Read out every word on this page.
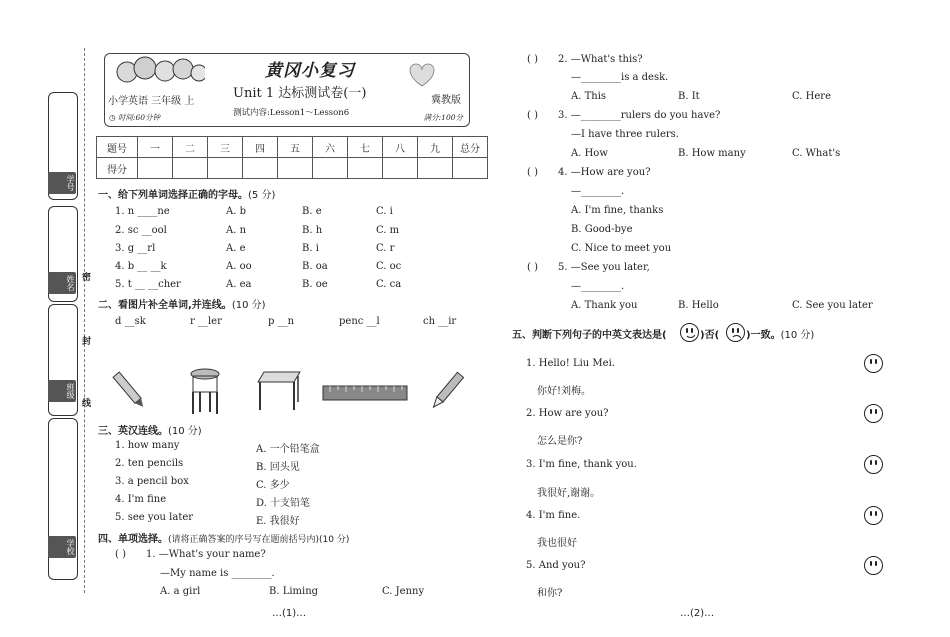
学号
姓名
班级
学校
密
封
线
黄冈小复习
Unit 1 达标测试卷(一)
小学英语 三年级 上	冀教版
测试内容:Lesson1～Lesson6
◷ 时间:60分钟	满分:100分
题号	一	二	三	四	五	六	七	八	九	总分
得分										
一、给下列单词选择正确的字母。(5 分)
1. n ____ne	A. b	B. e	C. i
2. sc __ool	A. n	B. h	C. m
3. g __rl	A. e	B. i	C. r
4. b __ __k	A. oo	B. oa	C. oc
5. t __ __cher	A. ea	B. oe	C. ca
二、看图片补全单词,并连线。(10 分)
d __sk	r __ler	p __n	penc __l	ch __ir
三、英汉连线。(10 分)
1. how many
2. ten pencils
3. a pencil box
4. I'm fine
5. see you later
A. 一个铅笔盒
B. 回头见
C. 多少
D. 十支铅笔
E. 我很好
四、单项选择。(请将正确答案的序号写在题前括号内)(10 分)
( ) 1. —What's your name?
—My name is ________.
A. a girl	B. Liming	C. Jenny
…(1)…
( ) 2. —What's this?
—________is a desk.
A. This	B. It	C. Here
( ) 3. —________rulers do you have?
—I have three rulers.
A. How	B. How many	C. What's
( ) 4. —How are you?
—________.
A. I'm fine, thanks
B. Good-bye
C. Nice to meet you
( ) 5. —See you later,
—________.
A. Thank you	B. Hello	C. See you later
五、判断下列句子的中英文表达是(	)否(	)一致。(10 分)
1. Hello! Liu Mei.
你好!刘梅。
2. How are you?
怎么是你?
3. I'm fine, thank you.
我很好,谢谢。
4. I'm fine.
我也很好
5. And you?
和你?
…(2)…
